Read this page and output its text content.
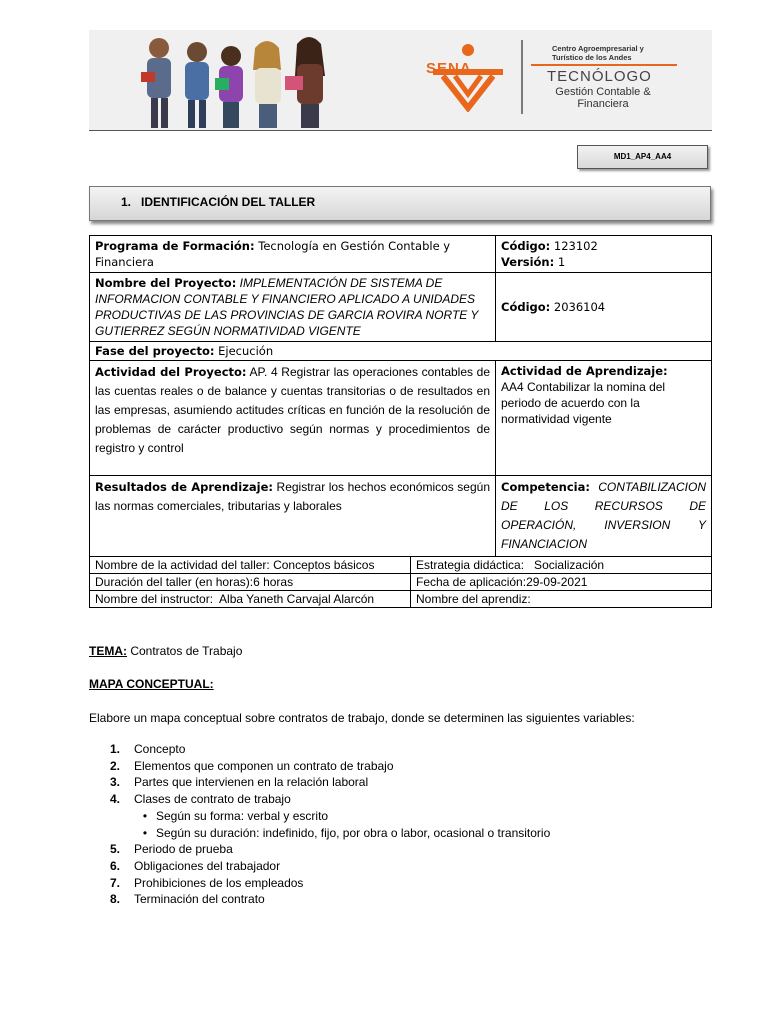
SENA
Centro Agroempresarial y Turístico de los Andes
TECNÓLOGO
Gestión Contable & Financiera
MD1_AP4_AA4
1.   IDENTIFICACIÓN DEL TALLER
Programa de Formación: Tecnología en Gestión Contable y Financiera	Código: 123102
Versión: 1
Nombre del Proyecto: IMPLEMENTACIÓN DE SISTEMA DE INFORMACION CONTABLE Y FINANCIERO APLICADO A UNIDADES PRODUCTIVAS DE LAS PROVINCIAS DE GARCIA ROVIRA NORTE Y GUTIERREZ SEGÚN NORMATIVIDAD VIGENTE	Código: 2036104
Fase del proyecto: Ejecución	
Actividad del Proyecto: AP. 4 Registrar las operaciones contables de las cuentas reales o de balance y cuentas transitorias o de resultados en las empresas, asumiendo actitudes críticas en función de la resolución de problemas de carácter productivo según normas y procedimientos de registro y control	Actividad de Aprendizaje:
AA4 Contabilizar la nomina del periodo de acuerdo con la normatividad vigente
Resultados de Aprendizaje: Registrar los hechos económicos según las normas comerciales, tributarias y laborales	Competencia: CONTABILIZACION DE LOS RECURSOS DE OPERACIÓN, INVERSION Y FINANCIACION
Nombre de la actividad del taller: Conceptos básicos	Estrategia didáctica:   Socialización
Duración del taller (en horas):6 horas	Fecha de aplicación:29-09-2021
Nombre del instructor:  Alba Yaneth Carvajal Alarcón	Nombre del aprendiz:
TEMA: Contratos de Trabajo
MAPA CONCEPTUAL:
Elabore un mapa conceptual sobre contratos de trabajo, donde se determinen las siguientes variables:
1.	Concepto
2.	Elementos que componen un contrato de trabajo
3.	Partes que intervienen en la relación laboral
4.	Clases de contrato de trabajo
• Según su forma: verbal y escrito
• Según su duración: indefinido, fijo, por obra o labor, ocasional o transitorio
5.	Periodo de prueba
6.	Obligaciones del trabajador
7.	Prohibiciones de los empleados
8.	Terminación del contrato
